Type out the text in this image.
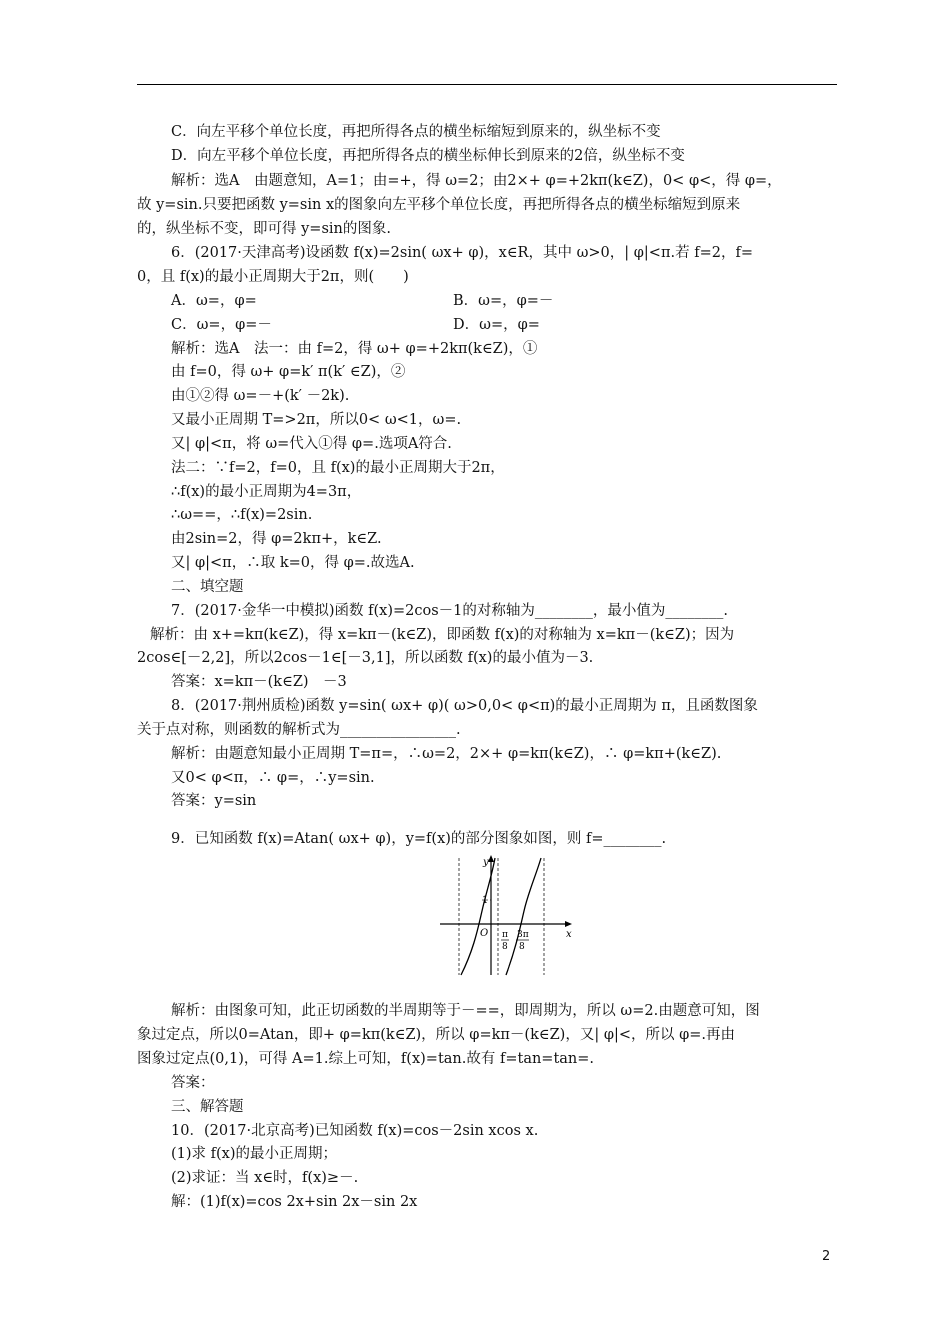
C．向左平移个单位长度，再把所得各点的横坐标缩短到原来的，纵坐标不变
D．向左平移个单位长度，再把所得各点的横坐标伸长到原来的2倍，纵坐标不变
解析：选A　由题意知，A=1；由=+，得 ω=2；由2×+ φ=+2kπ(k∈Z)，0< φ<，得 φ=，
故 y=sin.只要把函数 y=sin x的图象向左平移个单位长度，再把所得各点的横坐标缩短到原来
的，纵坐标不变，即可得 y=sin的图象.
6．(2017·天津高考)设函数 f(x)=2sin( ωx+ φ)，x∈R，其中 ω>0，| φ|<π.若 f=2，f=
0，且 f(x)的最小正周期大于2π，则(　　)
A．ω=，φ=	B．ω=，φ=－
C．ω=，φ=－	D．ω=，φ=
解析：选A　法一：由 f=2，得 ω+ φ=+2kπ(k∈Z)，①
由 f=0，得 ω+ φ=k′ π(k′ ∈Z)，②
由①②得 ω=－+(k′ －2k).
又最小正周期 T=>2π，所以0< ω<1，ω=.
又| φ|<π，将 ω=代入①得 φ=.选项A符合.
法二：∵f=2，f=0，且 f(x)的最小正周期大于2π，
∴f(x)的最小正周期为4=3π，
∴ω==，∴f(x)=2sin.
由2sin=2，得 φ=2kπ+，k∈Z.
又| φ|<π，∴取 k=0，得 φ=.故选A.
二、填空题
7．(2017·金华一中模拟)函数 f(x)=2cos－1的对称轴为________，最小值为________.
解析：由 x+=kπ(k∈Z)，得 x=kπ－(k∈Z)，即函数 f(x)的对称轴为 x=kπ－(k∈Z)；因为
2cos∈[－2,2]，所以2cos－1∈[－3,1]，所以函数 f(x)的最小值为－3.
答案：x=kπ－(k∈Z)　－3
8．(2017·荆州质检)函数 y=sin( ωx+ φ)( ω>0,0< φ<π)的最小正周期为 π，且函数图象
关于点对称，则函数的解析式为________________.
解析：由题意知最小正周期 T=π=，∴ω=2，2×+ φ=kπ(k∈Z)，∴ φ=kπ+(k∈Z).
又0< φ<π，∴ φ=，∴y=sin.
答案：y=sin
9．已知函数 f(x)=Atan( ωx+ φ)，y=f(x)的部分图象如图，则 f=________.
解析：由图象可知，此正切函数的半周期等于－==，即周期为，所以 ω=2.由题意可知，图
象过定点，所以0=Atan，即+ φ=kπ(k∈Z)，所以 φ=kπ－(k∈Z)，又| φ|<，所以 φ=.再由
图象过定点(0,1)，可得 A=1.综上可知，f(x)=tan.故有 f=tan=tan=.
答案：
三、解答题
10．(2017·北京高考)已知函数 f(x)=cos－2sin xcos x.
(1)求 f(x)的最小正周期；
(2)求证：当 x∈时，f(x)≥－.
解：(1)f(x)=cos 2x+sin 2x－sin 2x
y
x
1
O π
8
3π
8
2
